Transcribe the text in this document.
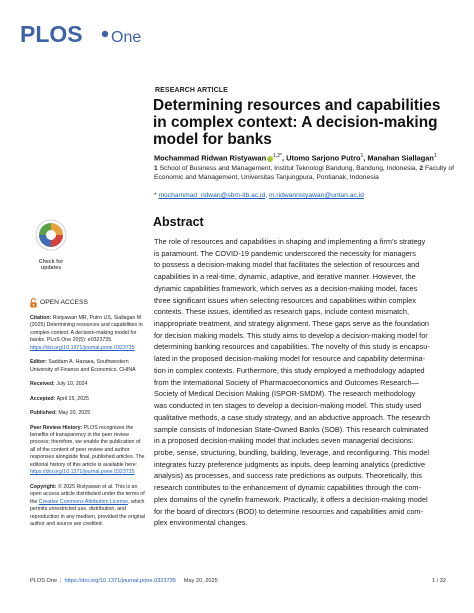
PLOS One
RESEARCH ARTICLE
Determining resources and capabilities in complex context: A decision-making model for banks
Mochammad Ridwan Ristyawan $^{1,2*}$, Utomo Sarjono Putro$^1$, Manahan Siallagan$^1$
1 School of Business and Management, Institut Teknologi Bandung, Bandung, Indonesia, 2 Faculty of Economic and Management, Universitas Tanjungpura, Pontianak, Indonesia
* mochammad_ridwan@sbm-itb.ac.id, m.ridwanristyawan@untan.ac.id
Abstract
The role of resources and capabilities in shaping and implementing a firm’s strategy
is paramount. The COVID-19 pandemic underscored the necessity for managers
to possess a decision-making model that facilitates the selection of resources and
capabilities in a real-time, dynamic, adaptive, and iterative manner. However, the
dynamic capabilities framework, which serves as a decision-making model, faces
three significant issues when selecting resources and capabilities within complex
contexts. These issues, identified as research gaps, include context mismatch,
inappropriate treatment, and strategy alignment. These gaps serve as the foundation
for decision making models. This study aims to develop a decision-making model for
determining banking resources and capabilities. The novelty of this study is encapsu-
lated in the proposed decision-making model for resource and capability determina-
tion in complex contexts. Furthermore, this study employed a methodology adapted
from the International Society of Pharmacoeconomics and Outcomes Research—
Society of Medical Decision Making (ISPOR-SMDM). The research methodology
was conducted in ten stages to develop a decision-making model. This study used
qualitative methods, a case study strategy, and an abductive approach. The research
sample consists of Indonesian State-Owned Banks (SOB). This research culminated
in a proposed decision-making model that includes seven managerial decisions:
probe, sense, structuring, bundling, building, leverage, and reconfiguring. This model
integrates fuzzy preference judgments as inputs, deep learning analytics (predictive
analysis) as processes, and success rate predictions as outputs. Theoretically, this
research contributes to the enhancement of dynamic capabilities through the com-
plex domains of the cynefin framework. Practically, it offers a decision-making model
for the board of directors (BOD) to determine resources and capabilities amid com-
plex environmental changes.
Check for
updates
OPEN ACCESS
Citation: Ristyawan MR, Putro US, Siallagan M (2025) Determining resources and capabilities in complex context: A decision-making model for banks. PLoS One 20(5): e0323735. https://doi.org/10.1371/journal.pone.0323735
Editor: Saddam A. Hazaea, Southwestern University of Finance and Economics, CHINA
Received: July 10, 2024
Accepted: April 15, 2025
Published: May 20, 2025
Peer Review History: PLOS recognizes the benefits of transparency in the peer review process; therefore, we enable the publication of all of the content of peer review and author responses alongside final, published articles. The editorial history of this article is available here: https://doi.org/10.1371/journal.pone.0323735
Copyright: © 2025 Ristyawan et al. This is an open access article distributed under the terms of the Creative Commons Attribution License, which permits unrestricted use, distribution, and reproduction in any medium, provided the original author and source are credited.
PLOS One | https://doi.org/10.1371/journal.pone.0323735 May 20, 2025	1 / 32
